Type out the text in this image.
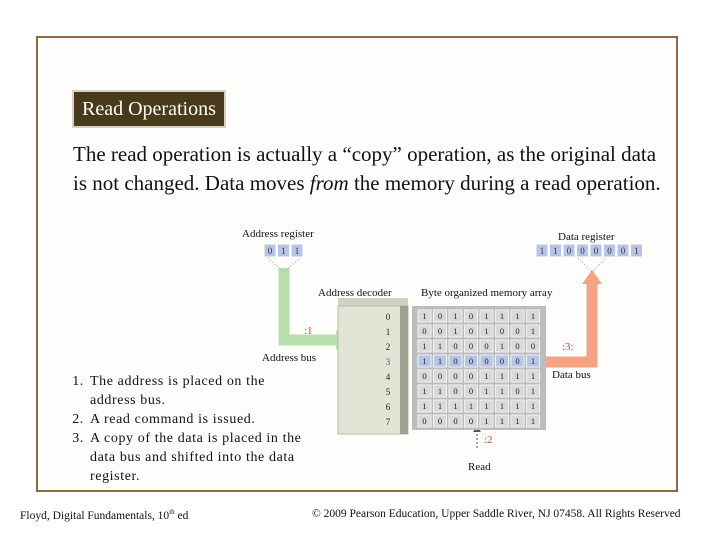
Read Operations
The read operation is actually a “copy” operation, as the original data is not changed. Data moves from the memory during a read operation.
:1
:3:
:2
0
1
2
3
4
5
6
7
1 0 1 0 1 1 1 1
0 0 1 0 1 0 0 1
1 1 0 0 0 1 0 0
1 1 0 0 0 0 0 1
0 0 0 0 1 1 1 1
1 1 0 0 1 1 0 1
1 1 1 1 1 1 1 1
0 0 0 0 1 1 1 1
0 1 1	1 1 0 0 0 0 0 1
Address register	Data register
Address decoder	Byte organized memory array
Address bus
Data bus
Read
1. The address is placed on the address bus.
2. A read command is issued.
3. A copy of the data is placed in the data bus and shifted into the data register.
Floyd, Digital Fundamentals, 10th ed	© 2009 Pearson Education, Upper Saddle River, NJ 07458. All Rights Reserved
